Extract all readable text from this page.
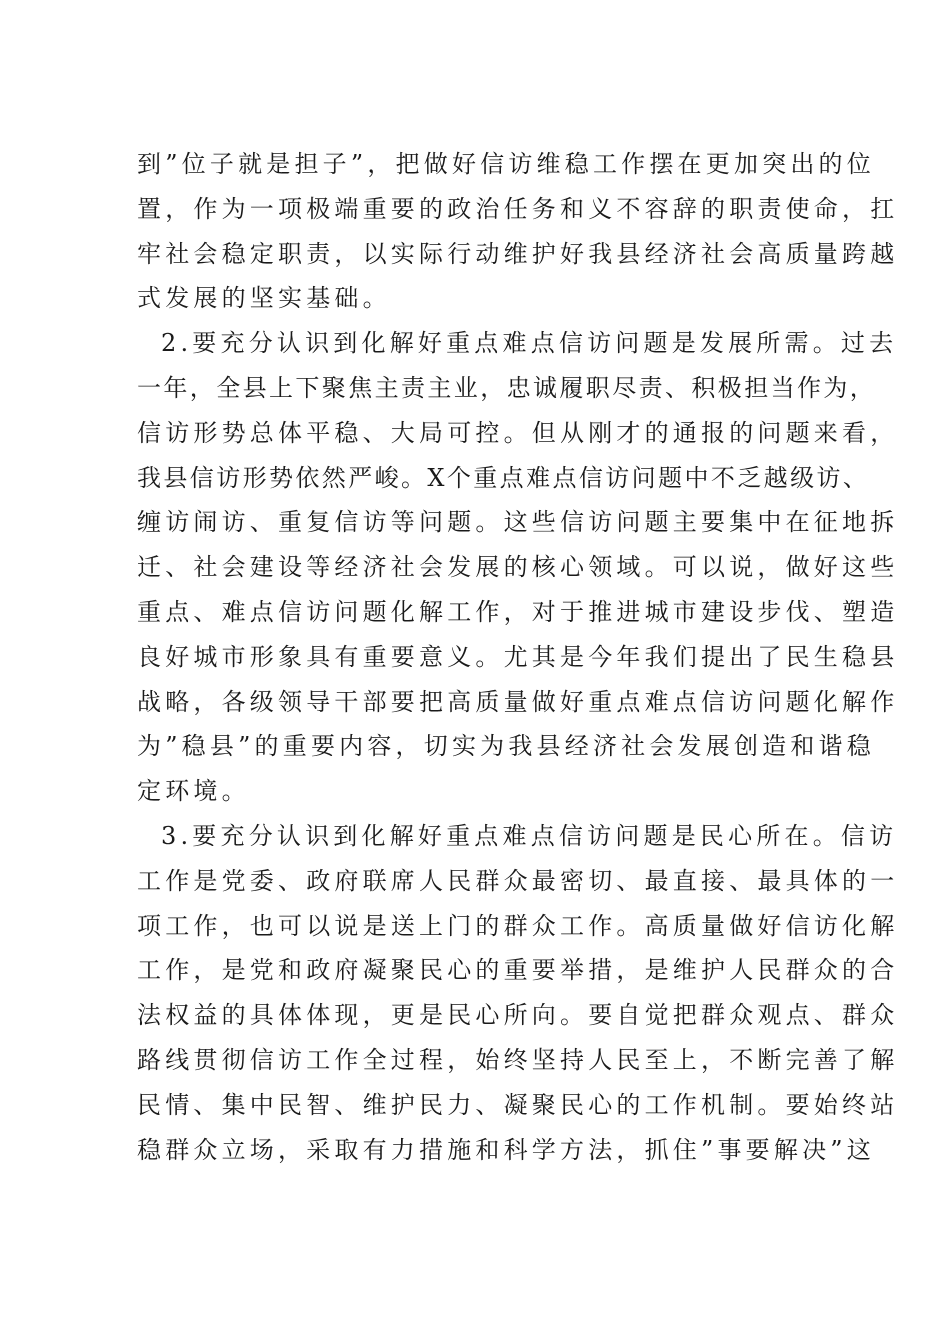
到”位子就是担子”，把做好信访维稳工作摆在更加突出的位
置，作为一项极端重要的政治任务和义不容辞的职责使命，扛
牢社会稳定职责，以实际行动维护好我县经济社会高质量跨越
式发展的坚实基础。
2.要充分认识到化解好重点难点信访问题是发展所需。过去
一年，全县上下聚焦主责主业，忠诚履职尽责、积极担当作为，
信访形势总体平稳、大局可控。但从刚才的通报的问题来看，
我县信访形势依然严峻。X个重点难点信访问题中不乏越级访、
缠访闹访、重复信访等问题。这些信访问题主要集中在征地拆
迁、社会建设等经济社会发展的核心领域。可以说，做好这些
重点、难点信访问题化解工作，对于推进城市建设步伐、塑造
良好城市形象具有重要意义。尤其是今年我们提出了民生稳县
战略，各级领导干部要把高质量做好重点难点信访问题化解作
为”稳县”的重要内容，切实为我县经济社会发展创造和谐稳
定环境。
3.要充分认识到化解好重点难点信访问题是民心所在。信访
工作是党委、政府联席人民群众最密切、最直接、最具体的一
项工作，也可以说是送上门的群众工作。高质量做好信访化解
工作，是党和政府凝聚民心的重要举措，是维护人民群众的合
法权益的具体体现，更是民心所向。要自觉把群众观点、群众
路线贯彻信访工作全过程，始终坚持人民至上，不断完善了解
民情、集中民智、维护民力、凝聚民心的工作机制。要始终站
稳群众立场，采取有力措施和科学方法，抓住”事要解决”这
